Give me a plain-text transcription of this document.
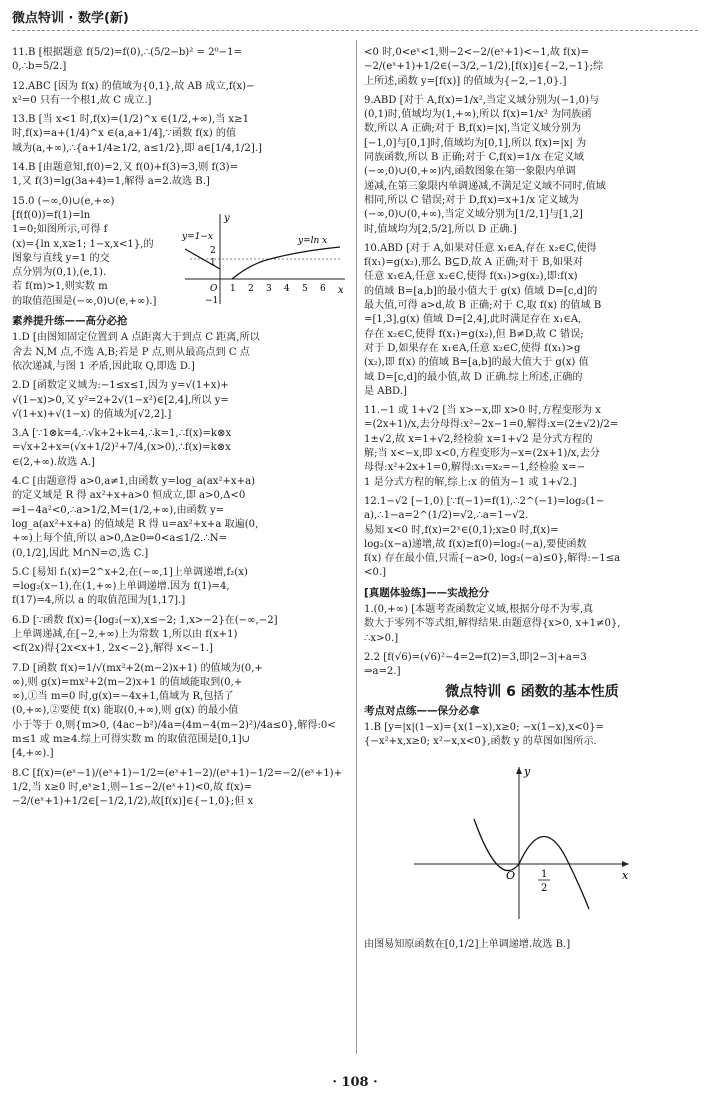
微点特训 · 数学(新)

11.B [根据题意 f(5/2)=f(0),∴(5/2−b)² = 2⁰−1=

0,∴b=5/2.]

12.ABC [因为 f(x) 的值域为{0,1},故 AB 成立,f(x)−

x²=0 只有一个根1,故 C 成立.]

13.B [当 x<1 时,f(x)=(1/2)^x ∈(1/2,+∞),当 x≥1

时,f(x)=a+(1/4)^x ∈(a,a+1/4],∵函数 f(x) 的值

域为(a,+∞),∴{a+1/4≥1/2, a≤1/2},即 a∈[1/4,1/2].]

14.B [由题意知,f(0)=2,又 f(0)+f(3)=3,则 f(3)=

1,又 f(3)=lg(3a+4)=1,解得 a=2.故选 B.]

15.0 (−∞,0)∪(e,+∞)

y
x
O
y=1−x	y=ln x
2
1
−1
1 2 3 4 5 6

[f(f(0))=f(1)=ln

1=0;如图所示,可得 f

(x)={ln x,x≥1; 1−x,x<1},的

图象与直线 y=1 的交

点分别为(0,1),(e,1).

若 f(m)>1,则实数 m

的取值范围是(−∞,0)∪(e,+∞).]

素养提升练——高分必抢

1.D [由图知固定位置到 A 点距离大于到点 C 距离,所以

舍去 N,M 点,不选 A,B;若是 P 点,则从最高点到 C 点

依次递减,与图 1 矛盾,因此取 Q,即选 D.]

2.D [函数定义域为:−1≤x≤1,因为 y=√(1+x)+

√(1−x)>0,又 y²=2+2√(1−x²)∈[2,4],所以 y=

√(1+x)+√(1−x) 的值域为[√2,2].]

3.A [∵1⊗k=4,∴√k+2+k=4,∴k=1,∴f(x)=k⊗x

=√x+2+x=(√x+1/2)²+7/4,(x>0),∴f(x)=k⊗x

∈(2,+∞).故选 A.]

4.C [由题意得 a>0,a≠1,由函数 y=log_a(ax²+x+a)

的定义域是 R 得 ax²+x+a>0 恒成立,即 a>0,Δ<0

⇒1−4a²<0,∴a>1/2,M=(1/2,+∞),由函数 y=

log_a(ax²+x+a) 的值域是 R 得 u=ax²+x+a 取遍(0,

+∞)上每个值,所以 a>0,Δ≥0⇒0<a≤1/2.∴N=

(0,1/2],因此 M∩N=∅,选 C.]

5.C [易知 f₁(x)=2^x+2,在(−∞,1]上单调递增,f₂(x)

=log₂(x−1),在(1,+∞)上单调递增.因为 f(1)=4,

f(17)=4,所以 a 的取值范围为[1,17].]

6.D [∵函数 f(x)={log₂(−x),x≤−2; 1,x>−2}在(−∞,−2]

上单调递减,在[−2,+∞)上为常数 1,所以由 f(x+1)

<f(2x)得{2x<x+1, 2x<−2},解得 x<−1.]

7.D [函数 f(x)=1/√(mx²+2(m−2)x+1) 的值域为(0,+

∞),则 g(x)=mx²+2(m−2)x+1 的值域能取到(0,+

∞),①当 m=0 时,g(x)=−4x+1,值域为 R,包括了

(0,+∞),②要使 f(x) 能取(0,+∞),则 g(x) 的最小值

小于等于 0,则{m>0, (4ac−b²)/4a=(4m−4(m−2)²)/4a≤0},解得:0<

m≤1 或 m≥4.综上可得实数 m 的取值范围是[0,1]∪

[4,+∞).]

8.C [f(x)=(eˣ−1)/(eˣ+1)−1/2=(eˣ+1−2)/(eˣ+1)−1/2=−2/(eˣ+1)+

1/2,当 x≥0 时,eˣ≥1,则−1≤−2/(eˣ+1)<0,故 f(x)=

−2/(eˣ+1)+1/2∈[−1/2,1/2),故[f(x)]∈{−1,0};但 x

<0 时,0<eˣ<1,则−2<−2/(eˣ+1)<−1,故 f(x)=

−2/(eˣ+1)+1/2∈(−3/2,−1/2),[f(x)]∈{−2,−1};综

上所述,函数 y=[f(x)] 的值域为{−2,−1,0}.]

9.ABD [对于 A,f(x)=1/x²,当定义域分别为(−1,0)与

(0,1)时,值域均为(1,+∞),所以 f(x)=1/x² 为同族函

数,所以 A 正确;对于 B,f(x)=|x|,当定义域分别为

[−1,0]与[0,1]时,值域均为[0,1],所以 f(x)=|x| 为

同族函数,所以 B 正确;对于 C,f(x)=1/x 在定义域

(−∞,0)∪(0,+∞)内,函数图象在第一象限内单调

递减,在第三象限内单调递减,不满足定义域不同时,值域

相同,所以 C 错误;对于 D,f(x)=x+1/x 定义域为

(−∞,0)∪(0,+∞),当定义域分别为[1/2,1]与[1,2]

时,值域均为[2,5/2],所以 D 正确.]

10.ABD [对于 A,如果对任意 x₁∈A,存在 x₂∈C,使得

f(x₁)=g(x₂),那么 B⊆D,故 A 正确;对于 B,如果对

任意 x₁∈A,任意 x₂∈C,使得 f(x₁)>g(x₂),即:f(x)

的值域 B=[a,b]的最小值大于 g(x) 值域 D=[c,d]的

最大值,可得 a>d,故 B 正确;对于 C,取 f(x) 的值域 B

=[1,3],g(x) 值域 D=[2,4],此时满足存在 x₁∈A,

存在 x₂∈C,使得 f(x₁)=g(x₂),但 B≠D,故 C 错误;

对于 D,如果存在 x₁∈A,任意 x₂∈C,使得 f(x₁)>g

(x₂),即 f(x) 的值域 B=[a,b]的最大值大于 g(x) 值

域 D=[c,d]的最小值,故 D 正确.综上所述,正确的

是 ABD.]

11.−1 或 1+√2 [当 x>−x,即 x>0 时,方程变形为 x

=(2x+1)/x,去分母得:x²−2x−1=0,解得:x=(2±√2)/2=

1±√2,故 x=1+√2,经检验 x=1+√2 是分式方程的

解;当 x<−x,即 x<0,方程变形为−x=(2x+1)/x,去分

母得:x²+2x+1=0,解得:x₁=x₂=−1,经检验 x=−

1 是分式方程的解,综上:x 的值为−1 或 1+√2.]

12.1−√2 [−1,0) [∵f(−1)=f(1),∴2^(−1)=log₂(1−

a),∴1−a=2^(1/2)=√2,∴a=1−√2.

易知 x<0 时,f(x)=2ˣ∈(0,1);x≥0 时,f(x)=

log₂(x−a)递增,故 f(x)≥f(0)=log₂(−a),要使函数

f(x) 存在最小值,只需{−a>0, log₂(−a)≤0},解得:−1≤a

<0.]

[真题体验练]——实战抢分

1.(0,+∞) [本题考查函数定义域,根据分母不为零,真

数大于零列不等式组,解得结果.由题意得{x>0, x+1≠0},

∴x>0.]

2.2 [f(√6)=(√6)²−4=2⇒f(2)=3,即|2−3|+a=3

⇒a=2.]

微点特训 6 函数的基本性质
考点对点练——保分必拿

1.B [y=|x|(1−x)={x(1−x),x≥0; −x(1−x),x<0}=

{−x²+x,x≥0; x²−x,x<0},函数 y 的草图如图所示.

y
x
O	1
2
由图易知原函数在[0,1/2]上单调递增.故选 B.]
· 108 ·
